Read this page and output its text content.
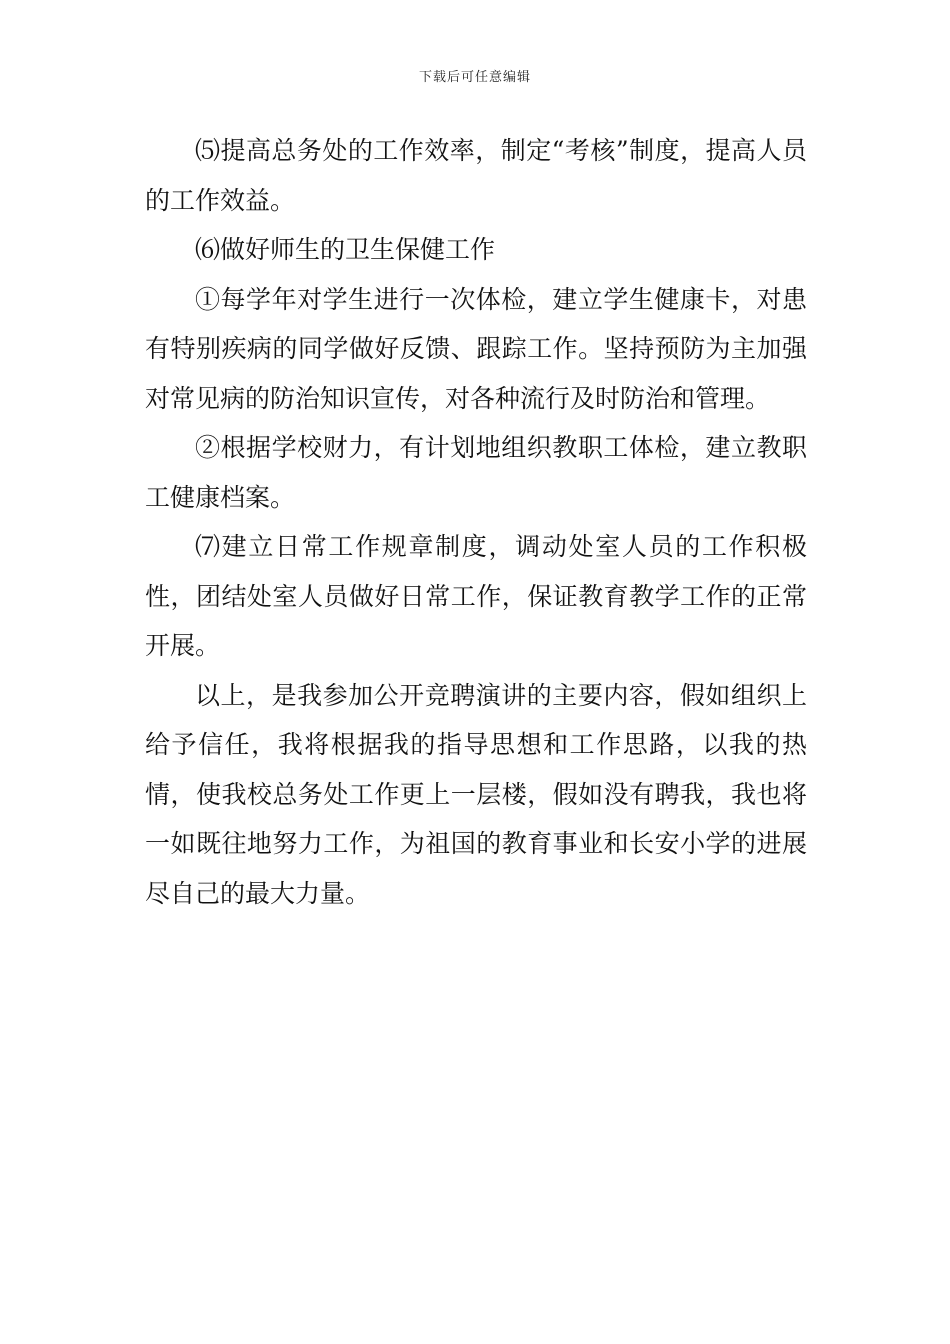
下载后可任意编辑

⑸提高总务处的工作效率，制定“考核”制度，提高人员的工作效益。

⑹做好师生的卫生保健工作

①每学年对学生进行一次体检，建立学生健康卡，对患有特别疾病的同学做好反馈、跟踪工作。坚持预防为主加强对常见病的防治知识宣传，对各种流行及时防治和管理。

②根据学校财力，有计划地组织教职工体检，建立教职工健康档案。

⑺建立日常工作规章制度，调动处室人员的工作积极性，团结处室人员做好日常工作，保证教育教学工作的正常开展。

以上，是我参加公开竞聘演讲的主要内容，假如组织上给予信任，我将根据我的指导思想和工作思路，以我的热情，使我校总务处工作更上一层楼，假如没有聘我，我也将一如既往地努力工作，为祖国的教育事业和长安小学的进展尽自己的最大力量。
